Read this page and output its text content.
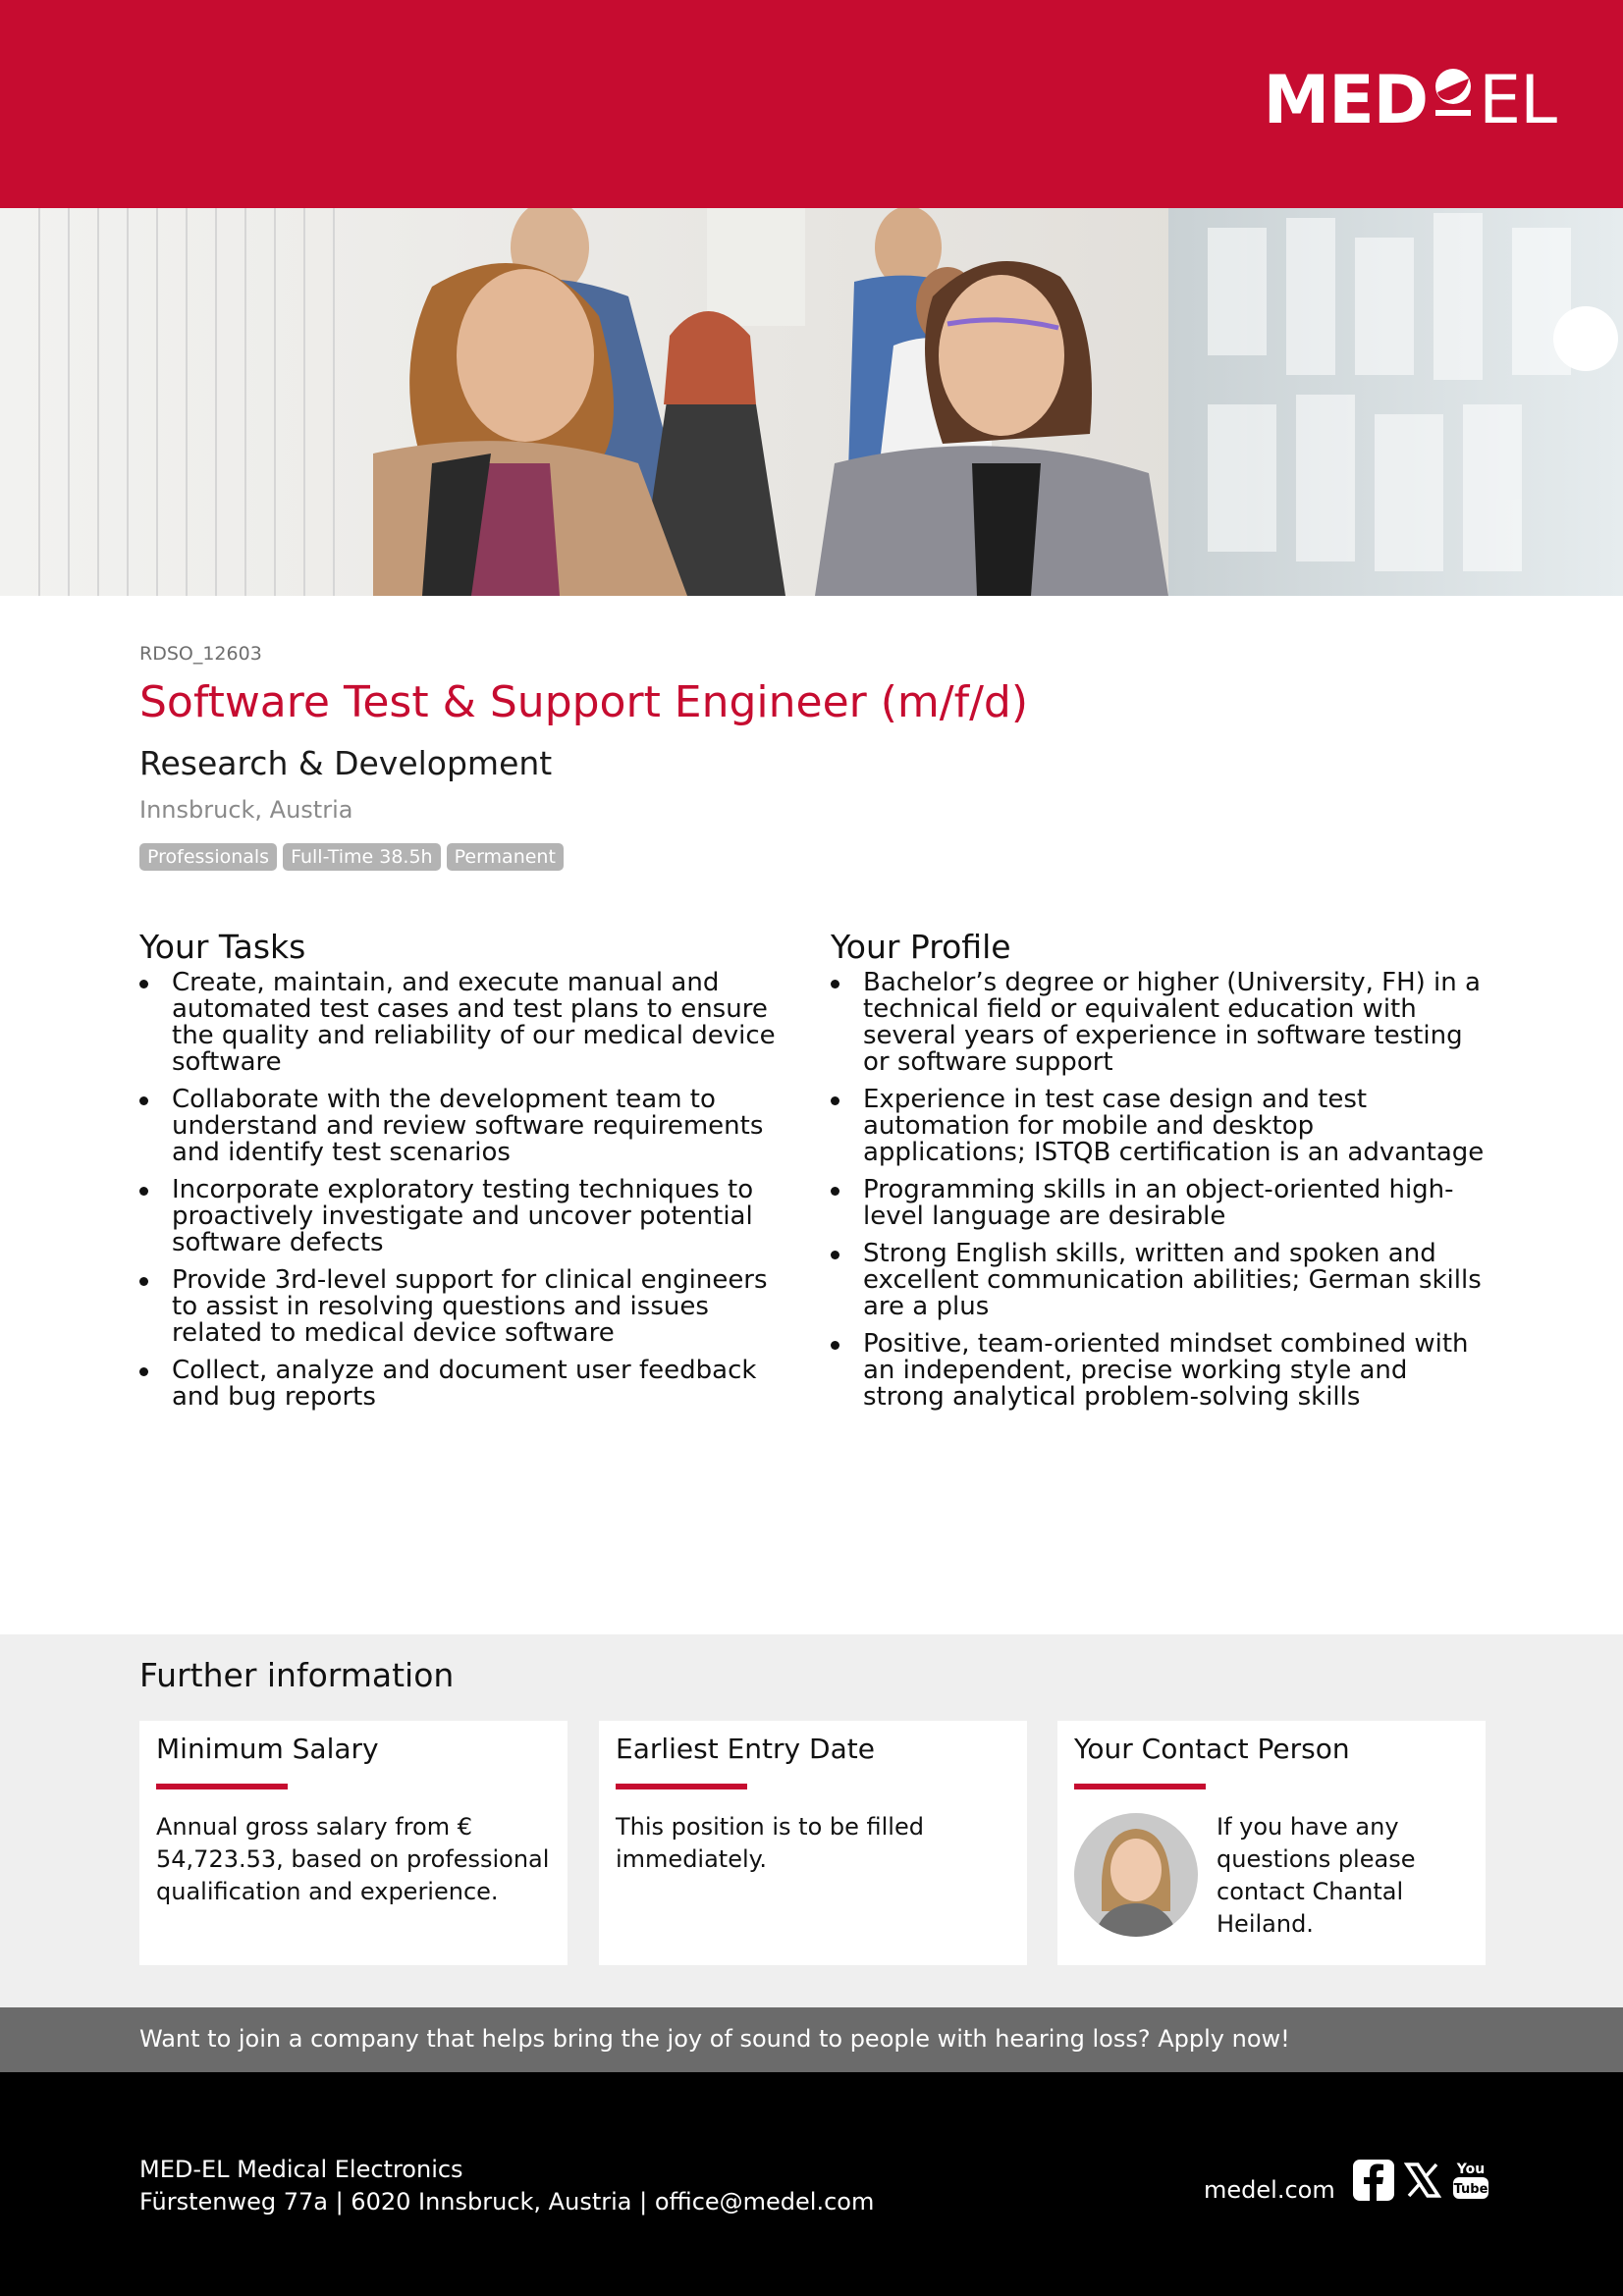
MED EL
RDSO_12603
Software Test & Support Engineer (m/f/d)
Research & Development
Innsbruck, Austria
Professionals	Full-Time 38.5h	Permanent
Your Tasks
Create, maintain, and execute manual and automated test cases and test plans to ensure the quality and reliability of our medical device software
Collaborate with the development team to understand and review software requirements and identify test scenarios
Incorporate exploratory testing techniques to proactively investigate and uncover potential software defects
Provide 3rd-level support for clinical engineers to assist in resolving questions and issues related to medical device software
Collect, analyze and document user feedback and bug reports
Your Profile
Bachelor’s degree or higher (University, FH) in a technical field or equivalent education with several years of experience in software testing or software support
Experience in test case design and test automation for mobile and desktop applications; ISTQB certification is an advantage
Programming skills in an object-oriented high-level language are desirable
Strong English skills, written and spoken and excellent communication abilities; German skills are a plus
Positive, team-oriented mindset combined with an independent, precise working style and strong analytical problem-solving skills
Further information
Minimum Salary

Annual gross salary from € 54,723.53, based on professional qualification and experience.

Earliest Entry Date

This position is to be filled immediately.

Your Contact Person

If you have any questions please contact Chantal Heiland.

Want to join a company that helps bring the joy of sound to people with hearing loss? Apply now!
MED-EL Medical Electronics
Fürstenweg 77a | 6020 Innsbruck, Austria | office@medel.com	medel.com
You
Tube
